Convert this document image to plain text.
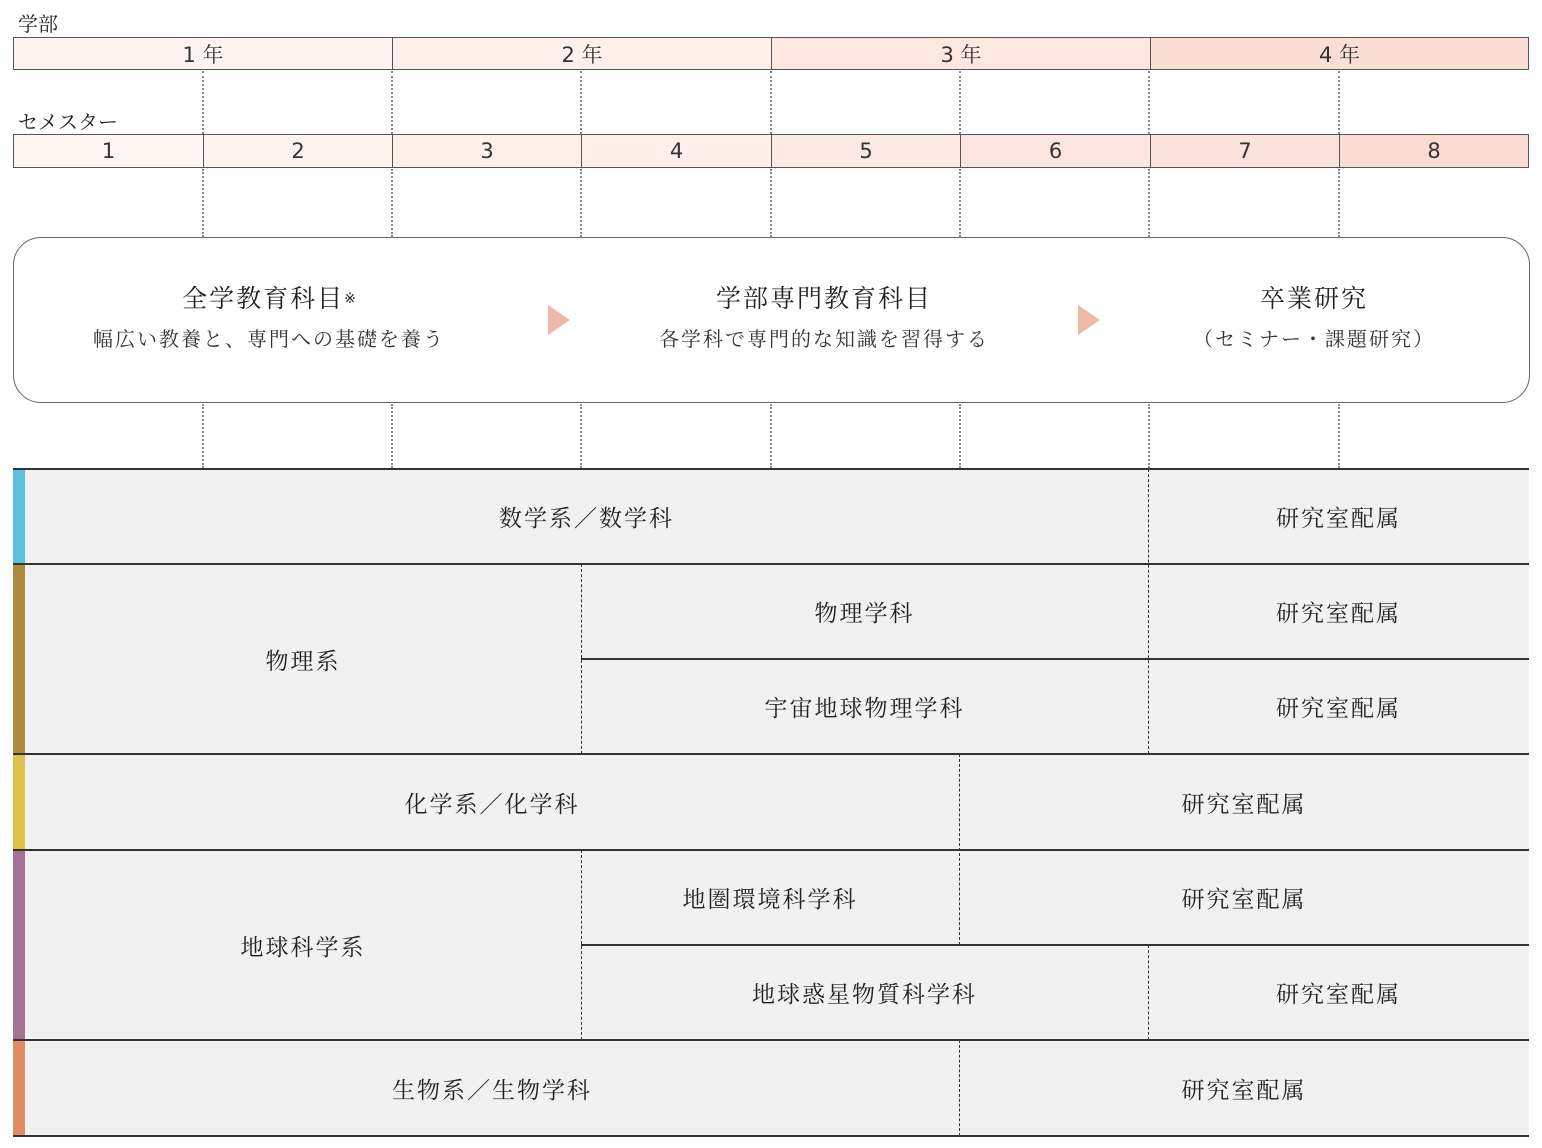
学部
セメスター
1 年	2 年	3 年	4 年
1	2	3	4	5	6	7	8
全学教育科目※
幅広い教養と、専門への基礎を養う
学部専門教育科目
各学科で専門的な知識を習得する
卒業研究
（セミナー・課題研究）
数学系／数学科	研究室配属
物理系
物理学科	研究室配属
宇宙地球物理学科	研究室配属
化学系／化学科	研究室配属
地球科学系
地圏環境科学科	研究室配属
地球惑星物質科学科	研究室配属
生物系／生物学科	研究室配属
